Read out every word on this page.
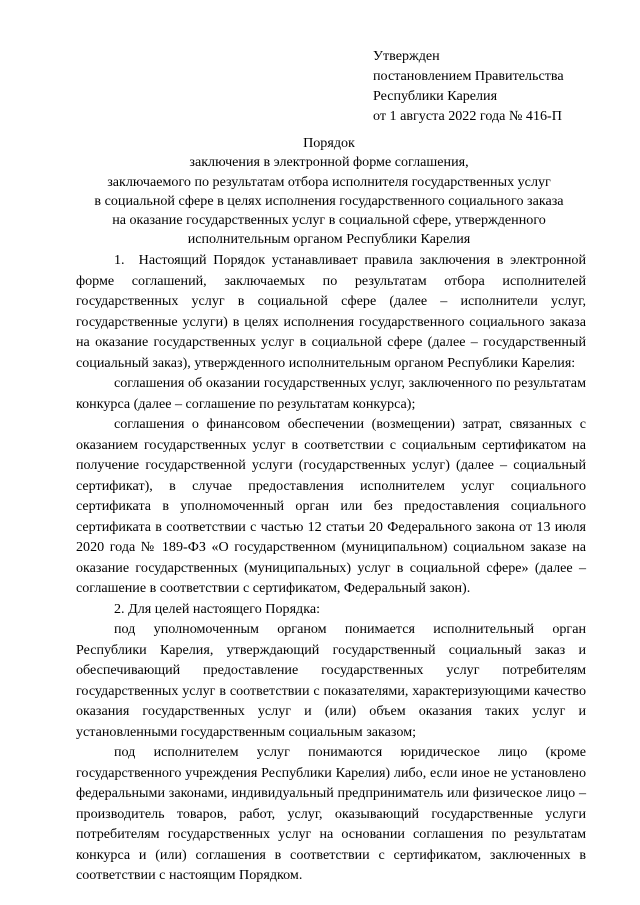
Утвержден
постановлением Правительства
Республики Карелия
от 1 августа 2022 года № 416-П
Порядок
заключения в электронной форме соглашения,
заключаемого по результатам отбора исполнителя государственных услуг
в социальной сфере в целях исполнения государственного социального заказа
на оказание государственных услуг в социальной сфере, утвержденного
исполнительным органом Республики Карелия

1. Настоящий Порядок устанавливает правила заключения в электронной форме соглашений, заключаемых по результатам отбора исполнителей государственных услуг в социальной сфере (далее – исполнители услуг, государственные услуги) в целях исполнения государственного социального заказа на оказание государственных услуг в социальной сфере (далее – государственный социальный заказ), утвержденного исполнительным органом Республики Карелия:

соглашения об оказании государственных услуг, заключенного по результатам конкурса (далее – соглашение по результатам конкурса);

соглашения о финансовом обеспечении (возмещении) затрат, связанных с оказанием государственных услуг в соответствии с социальным сертификатом на получение государственной услуги (государственных услуг) (далее – социальный сертификат), в случае предоставления исполнителем услуг социального сертификата в уполномоченный орган или без предоставления социального сертификата в соответствии с частью 12 статьи 20 Федерального закона от 13 июля 2020 года № 189-ФЗ «О государственном (муниципальном) социальном заказе на оказание государственных (муниципальных) услуг в социальной сфере» (далее – соглашение в соответствии с сертификатом, Федеральный закон).

2. Для целей настоящего Порядка:

под уполномоченным органом понимается исполнительный орган Республики Карелия, утверждающий государственный социальный заказ и обеспечивающий предоставление государственных услуг потребителям государственных услуг в соответствии с показателями, характеризующими качество оказания государственных услуг и (или) объем оказания таких услуг и установленными государственным социальным заказом;

под исполнителем услуг понимаются юридическое лицо (кроме государственного учреждения Республики Карелия) либо, если иное не установлено федеральными законами, индивидуальный предприниматель или физическое лицо – производитель товаров, работ, услуг, оказывающий государственные услуги потребителям государственных услуг на основании соглашения по результатам конкурса и (или) соглашения в соответствии с сертификатом, заключенных в соответствии с настоящим Порядком.
